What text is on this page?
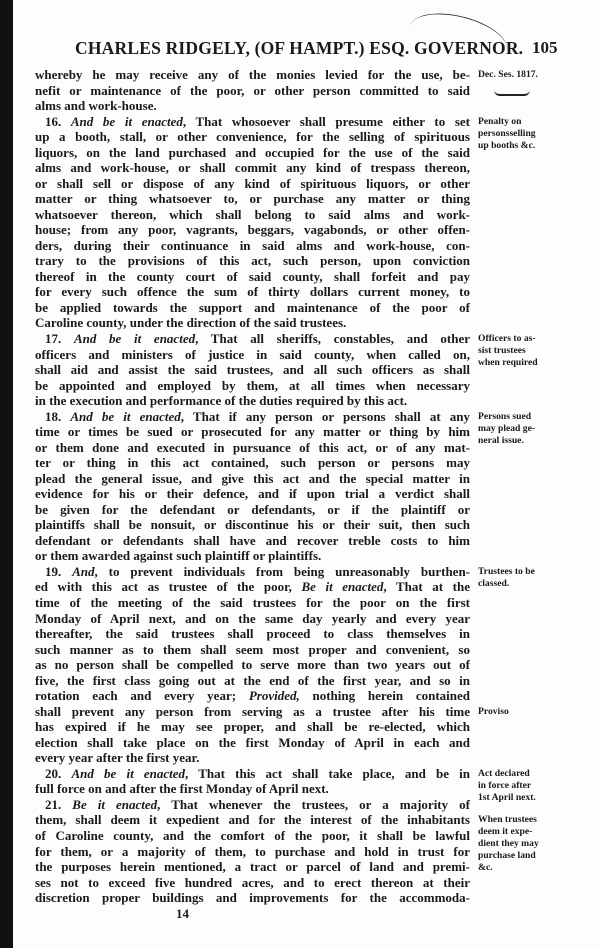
CHARLES RIDGELY, (OF HAMPT.) ESQ. GOVERNOR. 105
whereby he may receive any of the monies levied for the use, be-
nefit or maintenance of the poor, or other person committed to said
alms and work-house.
16. And be it enacted, That whosoever shall presume either to set
up a booth, stall, or other convenience, for the selling of spirituous
liquors, on the land purchased and occupied for the use of the said
alms and work-house, or shall commit any kind of trespass thereon,
or shall sell or dispose of any kind of spirituous liquors, or other
matter or thing whatsoever to, or purchase any matter or thing
whatsoever thereon, which shall belong to said alms and work-
house; from any poor, vagrants, beggars, vagabonds, or other offen-
ders, during their continuance in said alms and work-house, con-
trary to the provisions of this act, such person, upon conviction
thereof in the county court of said county, shall forfeit and pay
for every such offence the sum of thirty dollars current money, to
be applied towards the support and maintenance of the poor of
Caroline county, under the direction of the said trustees.
17. And be it enacted, That all sheriffs, constables, and other
officers and ministers of justice in said county, when called on,
shall aid and assist the said trustees, and all such officers as shall
be appointed and employed by them, at all times when necessary
in the execution and performance of the duties required by this act.
18. And be it enacted, That if any person or persons shall at any
time or times be sued or prosecuted for any matter or thing by him
or them done and executed in pursuance of this act, or of any mat-
ter or thing in this act contained, such person or persons may
plead the general issue, and give this act and the special matter in
evidence for his or their defence, and if upon trial a verdict shall
be given for the defendant or defendants, or if the plaintiff or
plaintiffs shall be nonsuit, or discontinue his or their suit, then such
defendant or defendants shall have and recover treble costs to him
or them awarded against such plaintiff or plaintiffs.
19. And, to prevent individuals from being unreasonably burthen-
ed with this act as trustee of the poor, Be it enacted, That at the
time of the meeting of the said trustees for the poor on the first
Monday of April next, and on the same day yearly and every year
thereafter, the said trustees shall proceed to class themselves in
such manner as to them shall seem most proper and convenient, so
as no person shall be compelled to serve more than two years out of
five, the first class going out at the end of the first year, and so in
rotation each and every year; Provided, nothing herein contained
shall prevent any person from serving as a trustee after his time
has expired if he may see proper, and shall be re-elected, which
election shall take place on the first Monday of April in each and
every year after the first year.
20. And be it enacted, That this act shall take place, and be in
full force on and after the first Monday of April next.
21. Be it enacted, That whenever the trustees, or a majority of
them, shall deem it expedient and for the interest of the inhabitants
of Caroline county, and the comfort of the poor, it shall be lawful
for them, or a majority of them, to purchase and hold in trust for
the purposes herein mentioned, a tract or parcel of land and premi-
ses not to exceed five hundred acres, and to erect thereon at their
discretion proper buildings and improvements for the accommoda-
Dec. Ses. 1817.
Penalty on
personsselling
up booths &c.
Officers to as-
sist trustees
when required
Persons sued
may plead ge-
neral issue.
Trustees to be
classed.
Proviso
Act declared
in force after
1st April next.
When trustees
deem it expe-
dient they may
purchase land
&c.
14
